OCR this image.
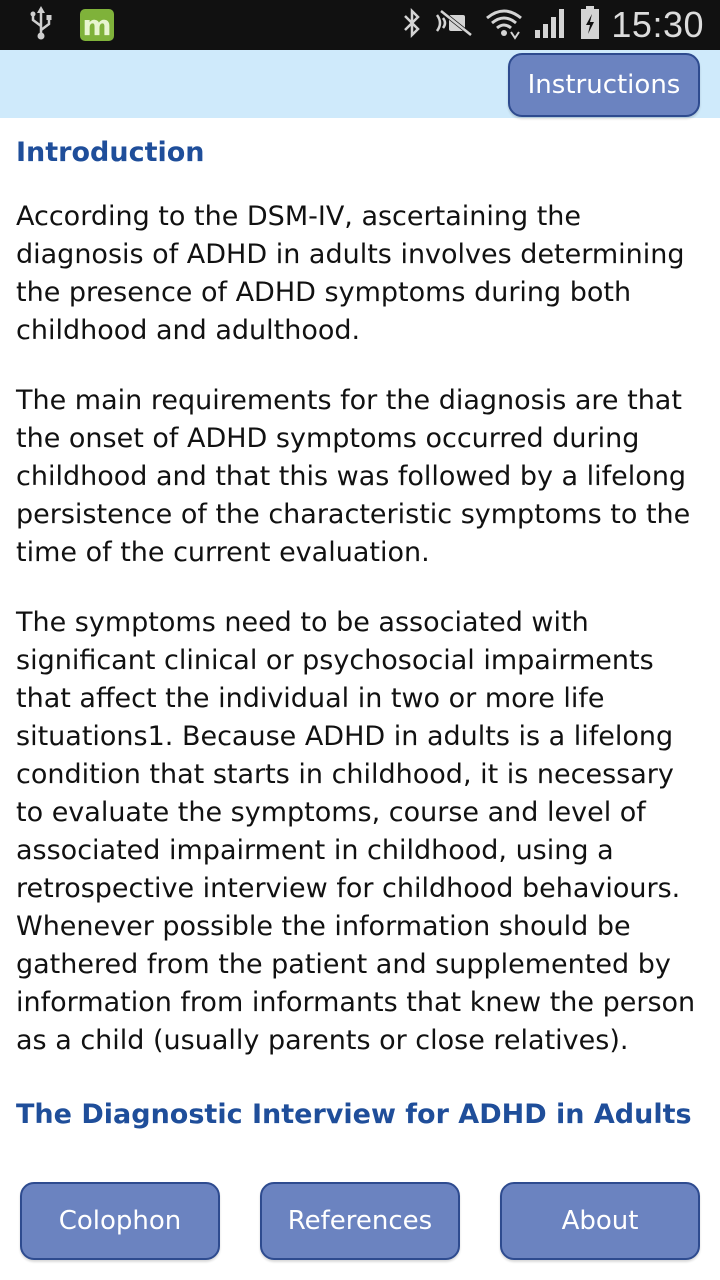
m	15:30
Instructions
Introduction

According to the DSM-IV, ascertaining the diagnosis of ADHD in adults involves determining the presence of ADHD symptoms during both childhood and adulthood.

The main requirements for the diagnosis are that the onset of ADHD symptoms occurred during childhood and that this was followed by a lifelong persistence of the characteristic symptoms to the time of the current evaluation.

The symptoms need to be associated with significant clinical or psychosocial impairments that affect the individual in two or more life situations1. Because ADHD in adults is a lifelong condition that starts in childhood, it is necessary to evaluate the symptoms, course and level of associated impairment in childhood, using a retrospective interview for childhood behaviours. Whenever possible the information should be gathered from the patient and supplemented by information from informants that knew the person as a child (usually parents or close relatives).

The Diagnostic Interview for ADHD in Adults
Colophon	References	About
